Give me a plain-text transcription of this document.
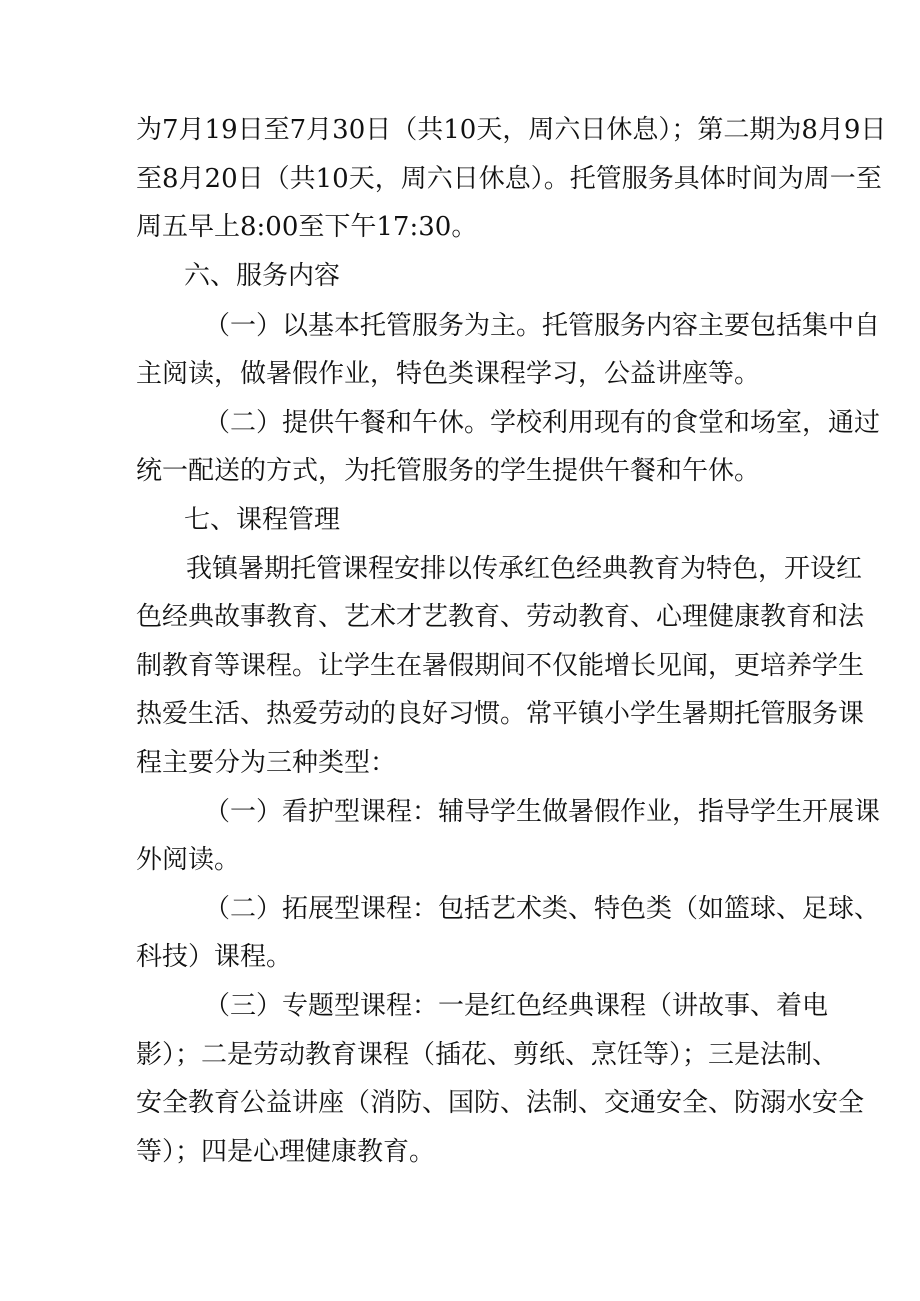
为7月19日至7月30日（共10天，周六日休息）；第二期为8月9日
至8月20日（共10天，周六日休息）。托管服务具体时间为周一至
周五早上8:00至下午17:30。
六、服务内容
（一）以基本托管服务为主。托管服务内容主要包括集中自
主阅读，做暑假作业，特色类课程学习，公益讲座等。
（二）提供午餐和午休。学校利用现有的食堂和场室，通过
统一配送的方式，为托管服务的学生提供午餐和午休。
七、课程管理
我镇暑期托管课程安排以传承红色经典教育为特色，开设红
色经典故事教育、艺术才艺教育、劳动教育、心理健康教育和法
制教育等课程。让学生在暑假期间不仅能增长见闻，更培养学生
热爱生活、热爱劳动的良好习惯。常平镇小学生暑期托管服务课
程主要分为三种类型：
（一）看护型课程：辅导学生做暑假作业，指导学生开展课
外阅读。
（二）拓展型课程：包括艺术类、特色类（如篮球、足球、
科技）课程。
（三）专题型课程：一是红色经典课程（讲故事、着电
影）；二是劳动教育课程（插花、剪纸、烹饪等）；三是法制、
安全教育公益讲座（消防、国防、法制、交通安全、防溺水安全
等）；四是心理健康教育。
